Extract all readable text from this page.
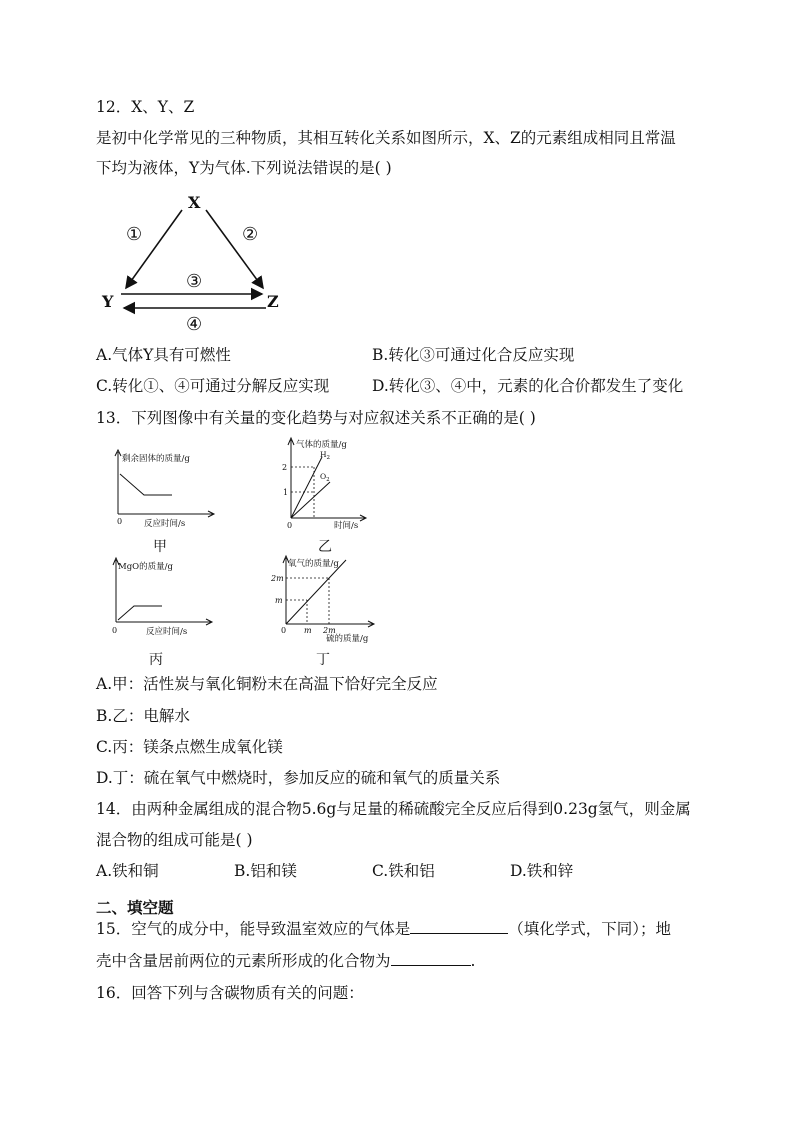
12．X、Y、Z
是初中化学常见的三种物质，其相互转化关系如图所示，X、Z的元素组成相同且常温
下均为液体，Y为气体.下列说法错误的是( )
X
Y	Z
①	②
③
④
A.气体Y具有可燃性	B.转化③可通过化合反应实现
C.转化①、④可通过分解反应实现	D.转化③、④中，元素的化合价都发生了变化
13．下列图像中有关量的变化趋势与对应叙述关系不正确的是( )
剩余固体的质量/g
反应时间/s
0
甲
气体的质量/g
2
1
0
$H_2$
$O_2$
时间/s
乙
MgO的质量/g
反应时间/s
0
丙
氧气的质量/g
2m
m
0 m 2m
硫的质量/g
丁
A.甲：活性炭与氧化铜粉末在高温下恰好完全反应
B.乙：电解水
C.丙：镁条点燃生成氧化镁
D.丁：硫在氧气中燃烧时，参加反应的硫和氧气的质量关系
14．由两种金属组成的混合物5.6g与足量的稀硫酸完全反应后得到0.23g氢气，则金属
混合物的组成可能是( )
A.铁和铜	B.铝和镁	C.铁和铝	D.铁和锌
二、填空题
15．空气的成分中，能导致温室效应的气体是	（填化学式，下同）；地
壳中含量居前两位的元素所形成的化合物为	.
16．回答下列与含碳物质有关的问题：
